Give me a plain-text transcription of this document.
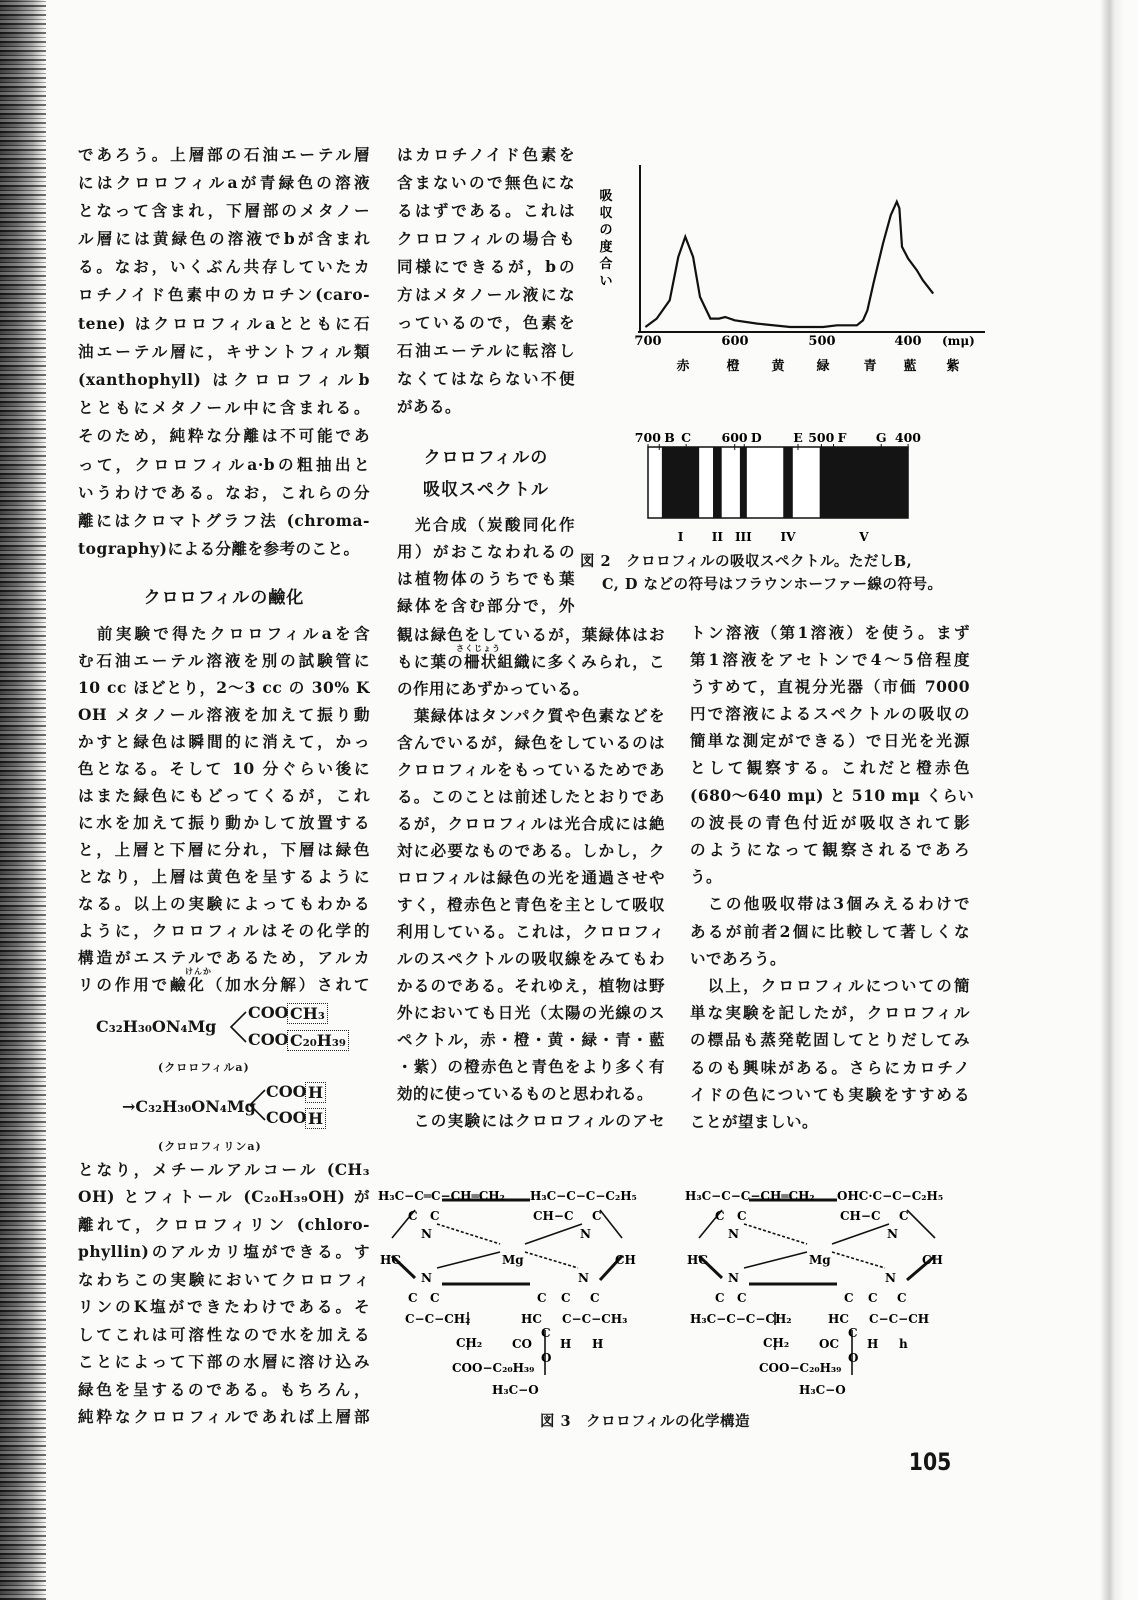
であろう。上層部の石油エーテル層
にはクロロフィルaが青緑色の溶液
となって含まれ，下層部のメタノー
ル層には黄緑色の溶液でbが含まれ
る。なお，いくぶん共存していたカ
ロチノイド色素中のカロチン(caro-
tene) はクロロフィルaとともに石
油エーテル層に，キサントフィル類
(xanthophyll) はクロロフィルb
とともにメタノール中に含まれる。
そのため，純粋な分離は不可能であ
って，クロロフィルa·bの粗抽出と
いうわけである。なお，これらの分
離にはクロマトグラフ法 (chroma-
tography)による分離を参考のこと。
クロロフィルの鹼化
　前実験で得たクロロフィルaを含
む石油エーテル溶液を別の試験管に
10 cc ほどとり，2〜3 cc の 30% K
OH メタノール溶液を加えて振り動
かすと緑色は瞬間的に消えて，かっ
色となる。そして 10 分ぐらい後に
はまた緑色にもどってくるが，これ
に水を加えて振り動かして放置する
と，上層と下層に分れ，下層は緑色
となり，上層は黄色を呈するように
なる。以上の実験によってもわかる
ように，クロロフィルはその化学的
構造がエステルであるため，アルカ
リの作用で鹼化（加水分解）されて
けんか
C₃₂H₃₀ON₄Mg
COO CH₃
COO C₂₀H₃₉
(クロロフィルa)
→C₃₂H₃₀ON₄Mg
COO H
COO H
(クロロフィリンa)
となり，メチールアルコール (CH₃
OH) とフィトール (C₂₀H₃₉OH) が
離れて，クロロフィリン (chloro-
phyllin)のアルカリ塩ができる。す
なわちこの実験においてクロロフィ
リンのK塩ができたわけである。そ
してこれは可溶性なので水を加える
ことによって下部の水層に溶け込み
緑色を呈するのである。もちろん，
純粋なクロロフィルであれば上層部
はカロチノイド色素を
含まないので無色にな
るはずである。これは
クロロフィルの場合も
同様にできるが，bの
方はメタノール液にな
っているので，色素を
石油エーテルに転溶し
なくてはならない不便
がある。
クロロフィルの
吸収スペクトル
　光合成（炭酸同化作
用）がおこなわれるの
は植物体のうちでも葉
緑体を含む部分で，外
観は緑色をしているが，葉緑体はお
もに葉の柵状組織に多くみられ，こ
の作用にあずかっている。
　葉緑体はタンパク質や色素などを
含んでいるが，緑色をしているのは
クロロフィルをもっているためであ
る。このことは前述したとおりであ
るが，クロロフィルは光合成には絶
対に必要なものである。しかし，ク
ロロフィルは緑色の光を通過させや
すく，橙赤色と青色を主として吸収
利用している。これは，クロロフィ
ルのスペクトルの吸収線をみてもわ
かるのである。それゆえ，植物は野
外においても日光（太陽の光線のス
ペクトル，赤・橙・黄・緑・青・藍
・紫）の橙赤色と青色をより多く有
効的に使っているものと思われる。
　この実験にはクロロフィルのアセ
さくじょう
トン溶液（第1溶液）を使う。まず
第1溶液をアセトンで4〜5倍程度
うすめて，直視分光器（市価 7000
円で溶液によるスペクトルの吸収の
簡単な測定ができる）で日光を光源
として観察する。これだと橙赤色
(680〜640 mμ) と 510 mμ くらい
の波長の青色付近が吸収されて影
のようになって観察されるであろ
う。
　この他吸収帯は3個みえるわけで
あるが前者2個に比較して著しくな
いであろう。
　以上，クロロフィルについての簡
単な実験を記したが，クロロフィル
の標品も蒸発乾固してとりだしてみ
るのも興味がある。さらにカロチノ
イドの色についても実験をすすめる
ことが望ましい。
吸
収
の
度
合
い
700	600	500	400 (mμ)
赤	橙 黄 緑	青 藍 紫
700 B C 600 D	E 500 F G 400
I II III IV	V
図 2　クロロフィルの吸収スペクトル。ただしB,
C, D などの符号はフラウンホーファー線の符号。
H₃C−C═C−CH═CH₂ H₃C−C−C−C₂H₅
C C	CH−C C
N	N
HC	Mg	CH
N	N
C C	C C C
C−C−CH₂	HC C−C−CH₃
CH₂ CO
C
H H
O
COO−C₂₀H₃₉
H₃C−O
H₃C−C−C−CH═CH₂ OHC·C−C−C₂H₅
C C	CH−C C
N	N
HC	Mg	CH
N	N
C C	C C C
H₃C−C−C−CH₂	HC C−C−CH
CH₂ OC
C
H h
O
COO−C₂₀H₃₉
H₃C−O
図 3　クロロフィルの化学構造
105
